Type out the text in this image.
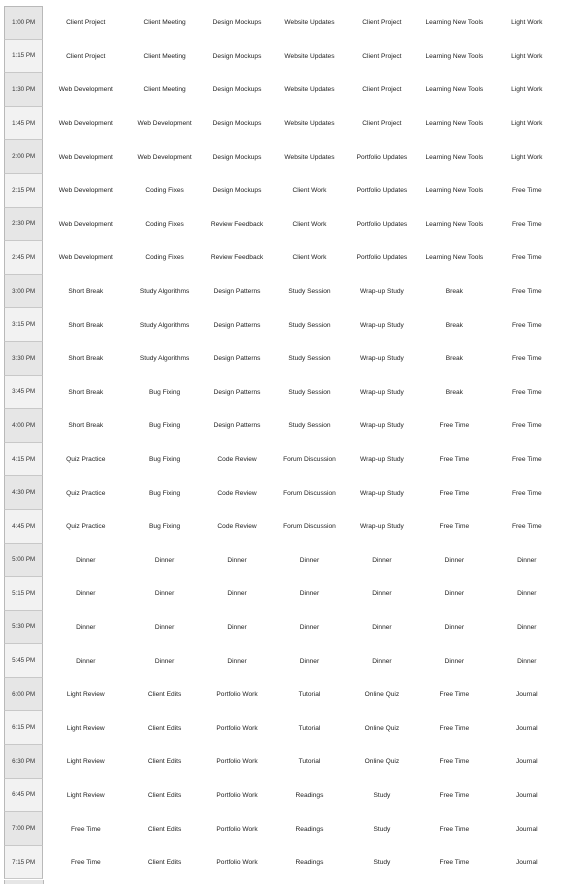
1:00 PM	Client Project	Client Meeting	Design Mockups	Website Updates	Client Project	Learning New Tools	Light Work
1:15 PM	Client Project	Client Meeting	Design Mockups	Website Updates	Client Project	Learning New Tools	Light Work
1:30 PM	Web Development	Client Meeting	Design Mockups	Website Updates	Client Project	Learning New Tools	Light Work
1:45 PM	Web Development	Web Development	Design Mockups	Website Updates	Client Project	Learning New Tools	Light Work
2:00 PM	Web Development	Web Development	Design Mockups	Website Updates	Portfolio Updates	Learning New Tools	Light Work
2:15 PM	Web Development	Coding Fixes	Design Mockups	Client Work	Portfolio Updates	Learning New Tools	Free Time
2:30 PM	Web Development	Coding Fixes	Review Feedback	Client Work	Portfolio Updates	Learning New Tools	Free Time
2:45 PM	Web Development	Coding Fixes	Review Feedback	Client Work	Portfolio Updates	Learning New Tools	Free Time
3:00 PM	Short Break	Study Algorithms	Design Patterns	Study Session	Wrap-up Study	Break	Free Time
3:15 PM	Short Break	Study Algorithms	Design Patterns	Study Session	Wrap-up Study	Break	Free Time
3:30 PM	Short Break	Study Algorithms	Design Patterns	Study Session	Wrap-up Study	Break	Free Time
3:45 PM	Short Break	Bug Fixing	Design Patterns	Study Session	Wrap-up Study	Break	Free Time
4:00 PM	Short Break	Bug Fixing	Design Patterns	Study Session	Wrap-up Study	Free Time	Free Time
4:15 PM	Quiz Practice	Bug Fixing	Code Review	Forum Discussion	Wrap-up Study	Free Time	Free Time
4:30 PM	Quiz Practice	Bug Fixing	Code Review	Forum Discussion	Wrap-up Study	Free Time	Free Time
4:45 PM	Quiz Practice	Bug Fixing	Code Review	Forum Discussion	Wrap-up Study	Free Time	Free Time
5:00 PM	Dinner	Dinner	Dinner	Dinner	Dinner	Dinner	Dinner
5:15 PM	Dinner	Dinner	Dinner	Dinner	Dinner	Dinner	Dinner
5:30 PM	Dinner	Dinner	Dinner	Dinner	Dinner	Dinner	Dinner
5:45 PM	Dinner	Dinner	Dinner	Dinner	Dinner	Dinner	Dinner
6:00 PM	Light Review	Client Edits	Portfolio Work	Tutorial	Online Quiz	Free Time	Journal
6:15 PM	Light Review	Client Edits	Portfolio Work	Tutorial	Online Quiz	Free Time	Journal
6:30 PM	Light Review	Client Edits	Portfolio Work	Tutorial	Online Quiz	Free Time	Journal
6:45 PM	Light Review	Client Edits	Portfolio Work	Readings	Study	Free Time	Journal
7:00 PM	Free Time	Client Edits	Portfolio Work	Readings	Study	Free Time	Journal
7:15 PM	Free Time	Client Edits	Portfolio Work	Readings	Study	Free Time	Journal
